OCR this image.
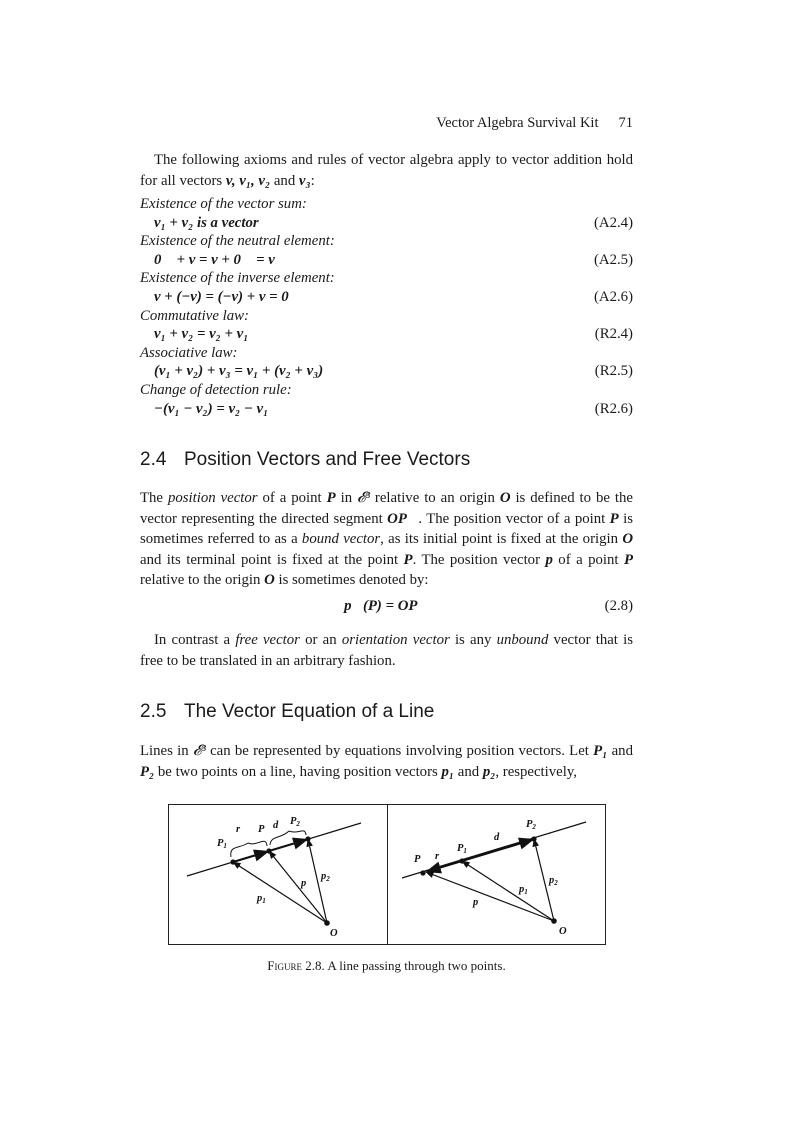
Vector Algebra Survival Kit 71

The following axioms and rules of vector algebra apply to vector addition hold for all vectors v, v₁, v₂ and v₃:

Existence of the vector sum:
v₁ + v₂ is a vector	(A2.4)
Existence of the neutral element:
0⃗ + v = v + 0⃗ = v	(A2.5)
Existence of the inverse element:
v + (−v) = (−v) + v = 0⃗	(A2.6)
Commutative law:
v₁ + v₂ = v₂ + v₁	(R2.4)
Associative law:
(v₁ + v₂) + v₃ = v₁ + (v₂ + v₃)	(R2.5)
Change of detection rule:
−(v₁ − v₂) = v₂ − v₁	(R2.6)
2.4 Position Vectors and Free Vectors

The position vector of a point P in 𝓔³ relative to an origin O is defined to be the vector representing the directed segment OP⃗. The position vector of a point P is sometimes referred to as a bound vector, as its initial point is fixed at the origin O and its terminal point is fixed at the point P. The position vector p of a point P relative to the origin O is sometimes denoted by:

p⃗(P) = OP⃗	(2.8)

In contrast a free vector or an orientation vector is any unbound vector that is free to be translated in an arbitrary fashion.

2.5 The Vector Equation of a Line

Lines in 𝓔³ can be represented by equations involving position vectors. Let P₁ and P₂ be two points on a line, having position vectors p₁ and p₂, respectively,

P1
r P d P2
p1
p
p2
O
P r
P1
d
P2
p
p1
p2
O
Figure 2.8. A line passing through two points.
